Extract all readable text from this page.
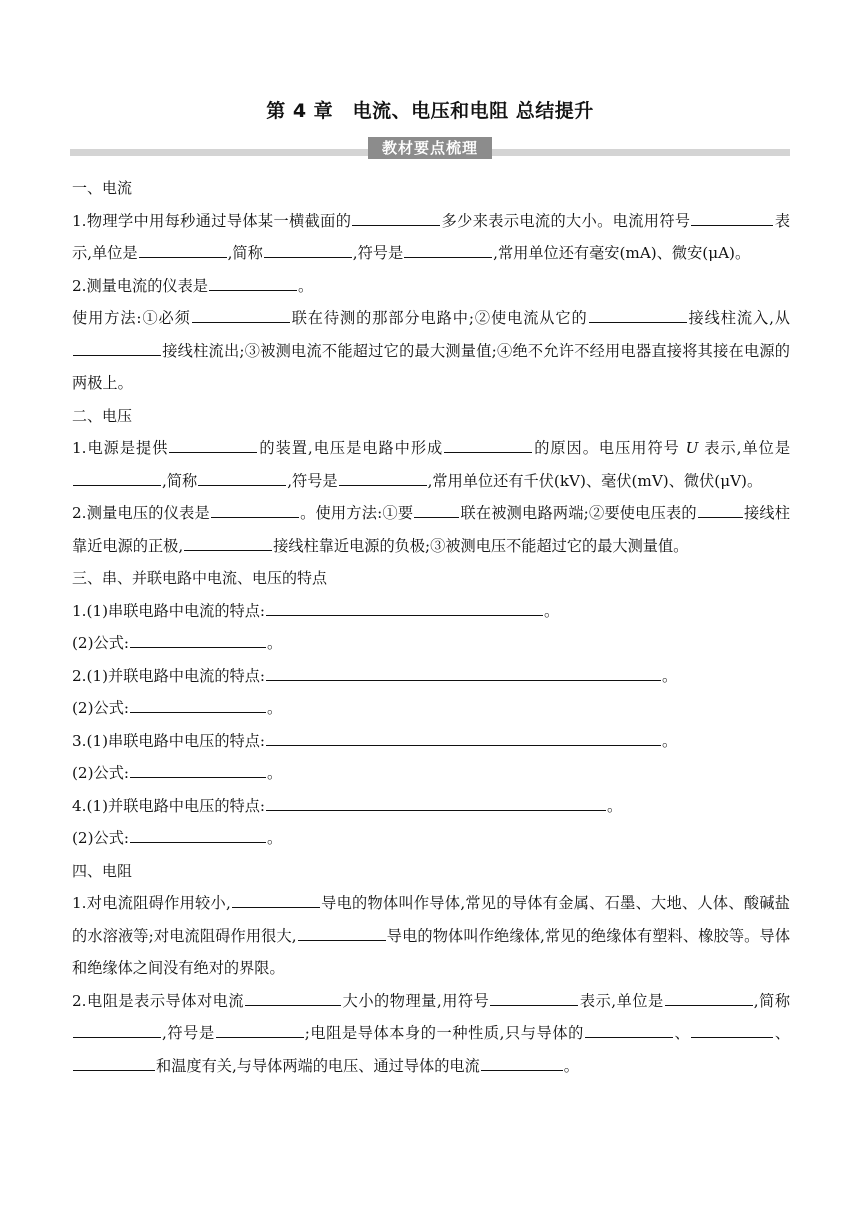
第 4 章　电流、电压和电阻 总结提升
教材要点梳理

一、电流

1.物理学中用每秒通过导体某一横截面的	多少来表示电流的大小。电流用符号	表示,单位是	,简称	,符号是	,常用单位还有毫安(mA)、微安(μA)。

2.测量电流的仪表是	。

使用方法:①必须	联在待测的那部分电路中;②使电流从它的	接线柱流入,从接线柱流出;③被测电流不能超过它的最大测量值;④绝不允许不经用电器直接将其接在电源的两极上。

二、电压

1.电源是提供	的装置,电压是电路中形成	的原因。电压用符号 U 表示,单位是,简称	,符号是	,常用单位还有千伏(kV)、毫伏(mV)、微伏(μV)。

2.测量电压的仪表是	。使用方法:①要	联在被测电路两端;②要使电压表的	接线柱靠近电源的正极,	接线柱靠近电源的负极;③被测电压不能超过它的最大测量值。

三、串、并联电路中电流、电压的特点

1.(1)串联电路中电流的特点:	。

(2)公式:	。

2.(1)并联电路中电流的特点:	。

(2)公式:	。

3.(1)串联电路中电压的特点:	。

(2)公式:	。

4.(1)并联电路中电压的特点:	。

(2)公式:	。

四、电阻

1.对电流阻碍作用较小,	导电的物体叫作导体,常见的导体有金属、石墨、大地、人体、酸碱盐的水溶液等;对电流阻碍作用很大,	导电的物体叫作绝缘体,常见的绝缘体有塑料、橡胶等。导体和绝缘体之间没有绝对的界限。

2.电阻是表示导体对电流	大小的物理量,用符号	表示,单位是	,简称,符号是	;电阻是导体本身的一种性质,只与导体的	、	、和温度有关,与导体两端的电压、通过导体的电流	。
